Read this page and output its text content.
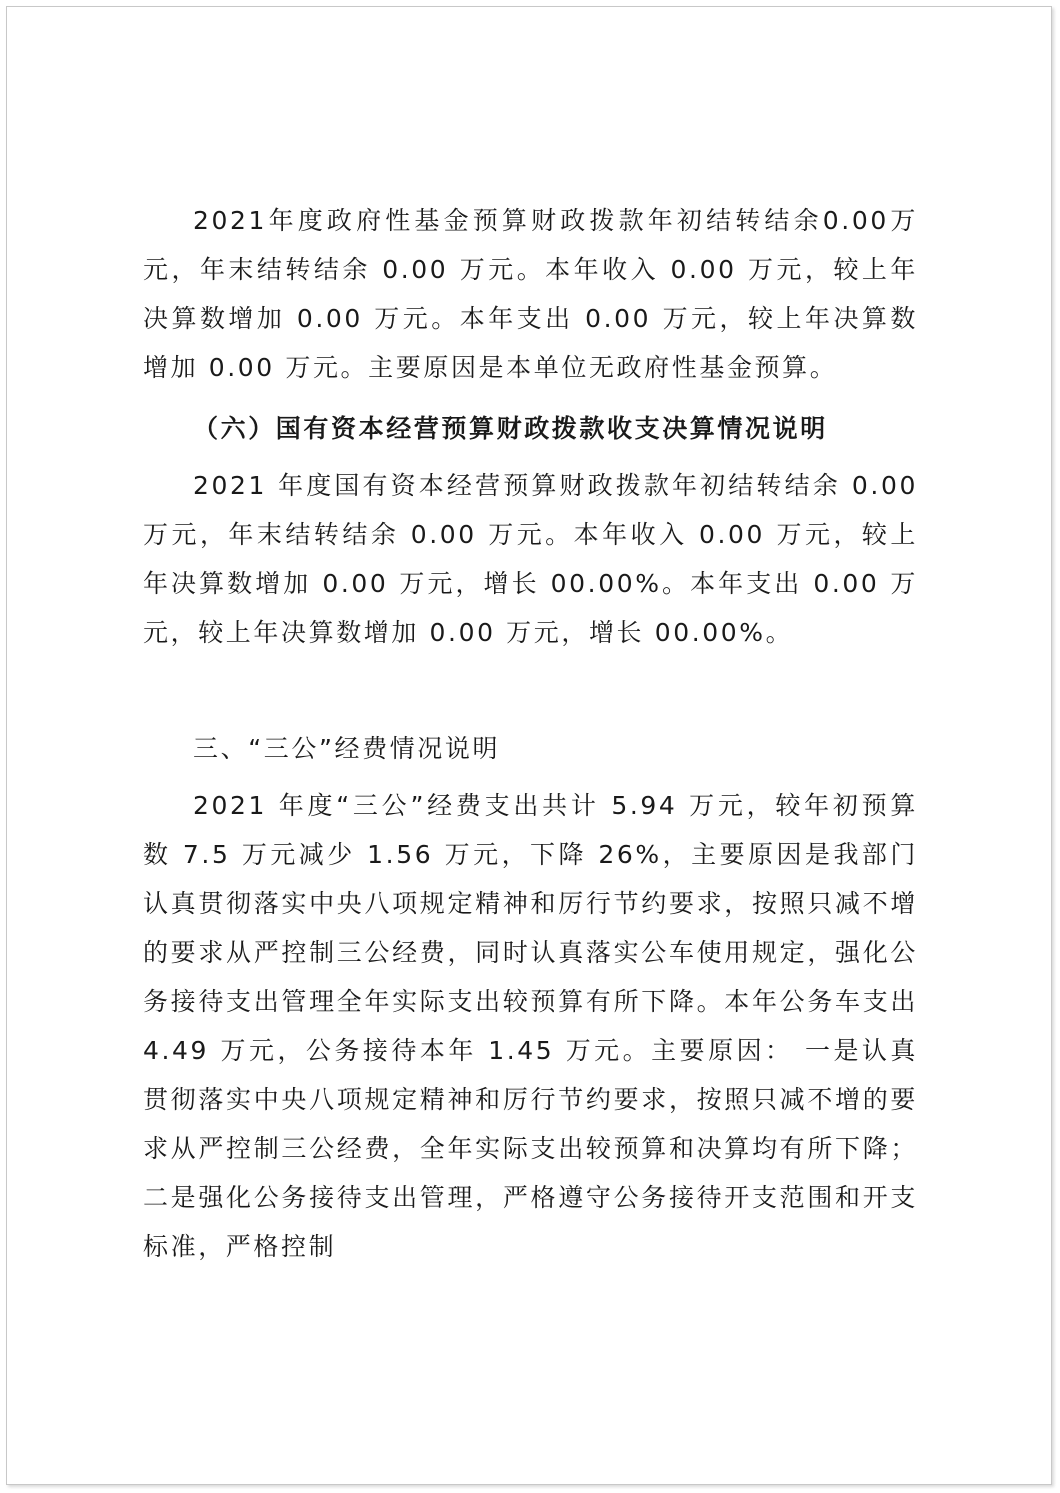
2021年度政府性基金预算财政拨款年初结转结余0.00万元，年末结转结余 0.00 万元。本年收入 0.00 万元，较上年决算数增加 0.00 万元。本年支出 0.00 万元，较上年决算数增加 0.00 万元。主要原因是本单位无政府性基金预算。

（六）国有资本经营预算财政拨款收支决算情况说明

2021 年度国有资本经营预算财政拨款年初结转结余 0.00 万元，年末结转结余 0.00 万元。本年收入 0.00 万元，较上年决算数增加 0.00 万元，增长 00.00%。本年支出 0.00 万元，较上年决算数增加 0.00 万元，增长 00.00%。

三、“三公”经费情况说明

2021 年度“三公”经费支出共计 5.94 万元，较年初预算数 7.5 万元减少 1.56 万元，下降 26%，主要原因是我部门认真贯彻落实中央八项规定精神和厉行节约要求，按照只减不增的要求从严控制三公经费，同时认真落实公车使用规定，强化公务接待支出管理全年实际支出较预算有所下降。本年公务车支出 4.49 万元，公务接待本年 1.45 万元。主要原因： 一是认真贯彻落实中央八项规定精神和厉行节约要求，按照只减不增的要求从严控制三公经费，全年实际支出较预算和决算均有所下降；二是强化公务接待支出管理，严格遵守公务接待开支范围和开支标准，严格控制
